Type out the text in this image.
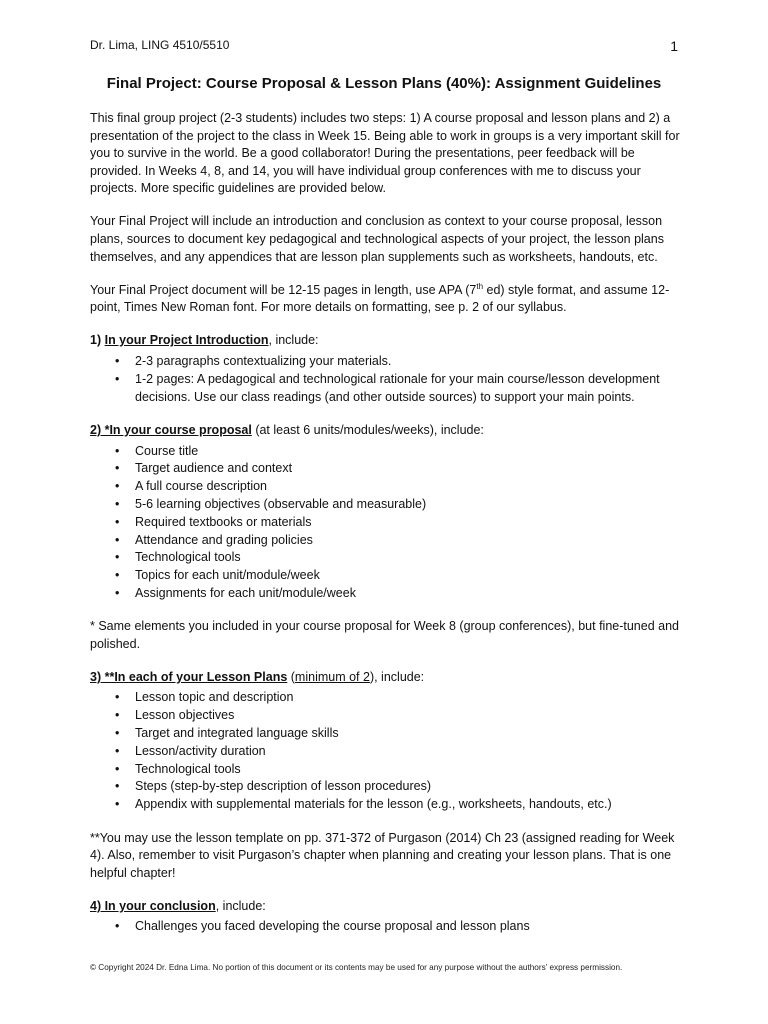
Dr. Lima, LING 4510/5510	1
Final Project: Course Proposal & Lesson Plans (40%): Assignment Guidelines

This final group project (2-3 students) includes two steps: 1) A course proposal and lesson plans and 2) a presentation of the project to the class in Week 15. Being able to work in groups is a very important skill for you to survive in the world. Be a good collaborator! During the presentations, peer feedback will be provided. In Weeks 4, 8, and 14, you will have individual group conferences with me to discuss your projects. More specific guidelines are provided below.

Your Final Project will include an introduction and conclusion as context to your course proposal, lesson plans, sources to document key pedagogical and technological aspects of your project, the lesson plans themselves, and any appendices that are lesson plan supplements such as worksheets, handouts, etc.

Your Final Project document will be 12-15 pages in length, use APA (7th ed) style format, and assume 12-point, Times New Roman font. For more details on formatting, see p. 2 of our syllabus.

1) In your Project Introduction, include:
• 2-3 paragraphs contextualizing your materials.
• 1-2 pages: A pedagogical and technological rationale for your main course/lesson development decisions. Use our class readings (and other outside sources) to support your main points.
2) *In your course proposal (at least 6 units/modules/weeks), include:
• Course title
• Target audience and context
• A full course description
• 5-6 learning objectives (observable and measurable)
• Required textbooks or materials
• Attendance and grading policies
• Technological tools
• Topics for each unit/module/week
• Assignments for each unit/module/week

* Same elements you included in your course proposal for Week 8 (group conferences), but fine-tuned and polished.

3) **In each of your Lesson Plans (minimum of 2), include:
• Lesson topic and description
• Lesson objectives
• Target and integrated language skills
• Lesson/activity duration
• Technological tools
• Steps (step-by-step description of lesson procedures)
• Appendix with supplemental materials for the lesson (e.g., worksheets, handouts, etc.)

**You may use the lesson template on pp. 371-372 of Purgason (2014) Ch 23 (assigned reading for Week 4). Also, remember to visit Purgason’s chapter when planning and creating your lesson plans. That is one helpful chapter!

4) In your conclusion, include:
• Challenges you faced developing the course proposal and lesson plans
© Copyright 2024 Dr. Edna Lima. No portion of this document or its contents may be used for any purpose without the authors’ express permission.
